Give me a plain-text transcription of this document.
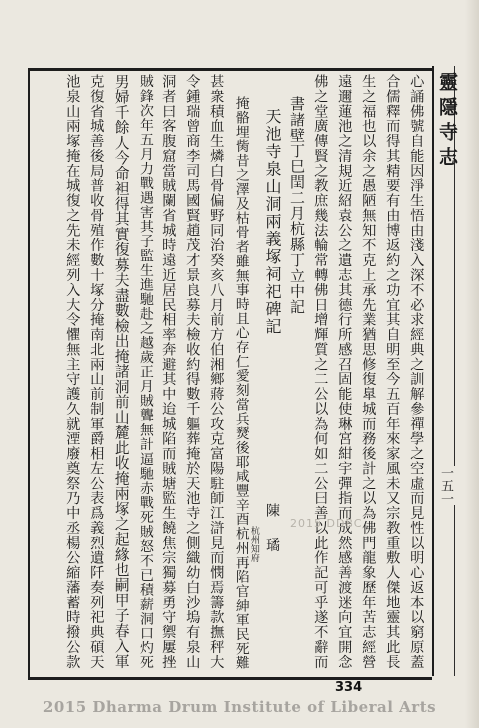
靈隱寺志
一五一
心誦佛號自能因淨生悟由淺入深不必求經典之訓解參禪學之空虛而見性以明心返本以窮原蓋
合儒釋而得其精要有由博返約之功宜其自明至今五百年來家風未又宗教重敷人傑地靈其此長
生之福也以余之愚陋無知不克上承先業猶思修復臯城而務後計之以為佛門龍象歷年苦志經營
遠邇蓮池之清規近紹袁公之遺志其德行所感召固能使琳宮紺宇彈指而成然感善渡迷向宜開念
佛之堂廣傳賢之教庶幾法輪常轉佛日增輝質之二公以為何如二公曰善以此作記可乎遂不辭而
書諸壁丁巳閏二月杭縣丁立中記
天池寺泉山洞兩義塚祠祀碑記
陳 璚
杭州知府
掩骼埋胔昔之澤及枯骨者雖無事時且心存仁愛刻當兵燹後耶咸豐辛酉杭州再陷官紳軍民死難
甚衆積血生燐白骨偏野同治癸亥八月前方伯湘鄉蔣公攻克富陽駐師江滸見而憫焉籌款撫秤大
令鍾瑞曾商李司馬國賢趙茂才景良募夫檢收約得數千軀葬掩於天池寺之側織幼白沙塢有泉山
洞者曰客腹窟當賊闌省城時遠近居民相率奔避其中迨城陷而賊塘監生饒焦宗獨募勇守禦屢挫
賊鋒次年五月力戰遇害其子監生進馳赴之越歲正月賊聾無計逼馳赤戰死賊怒不已積薪洞口灼死
男婦千餘人今命袒得其實復募夫盡數檢出掩諸洞前山麓此收掩兩塚之起緣也嗣甲子春入軍
克復省城善後局普收骨殖作數十塚分掩南北兩山前制軍爵相左公表爲義烈遺阡奏列祀典碩天
池泉山兩塚掩在城復之先未經列入大令懼無主守護久就湮廢奠祭乃中丞楊公縮藩蓄時撥公款	2015 DDBC
334
2015 Dharma Drum Institute of Liberal Arts
